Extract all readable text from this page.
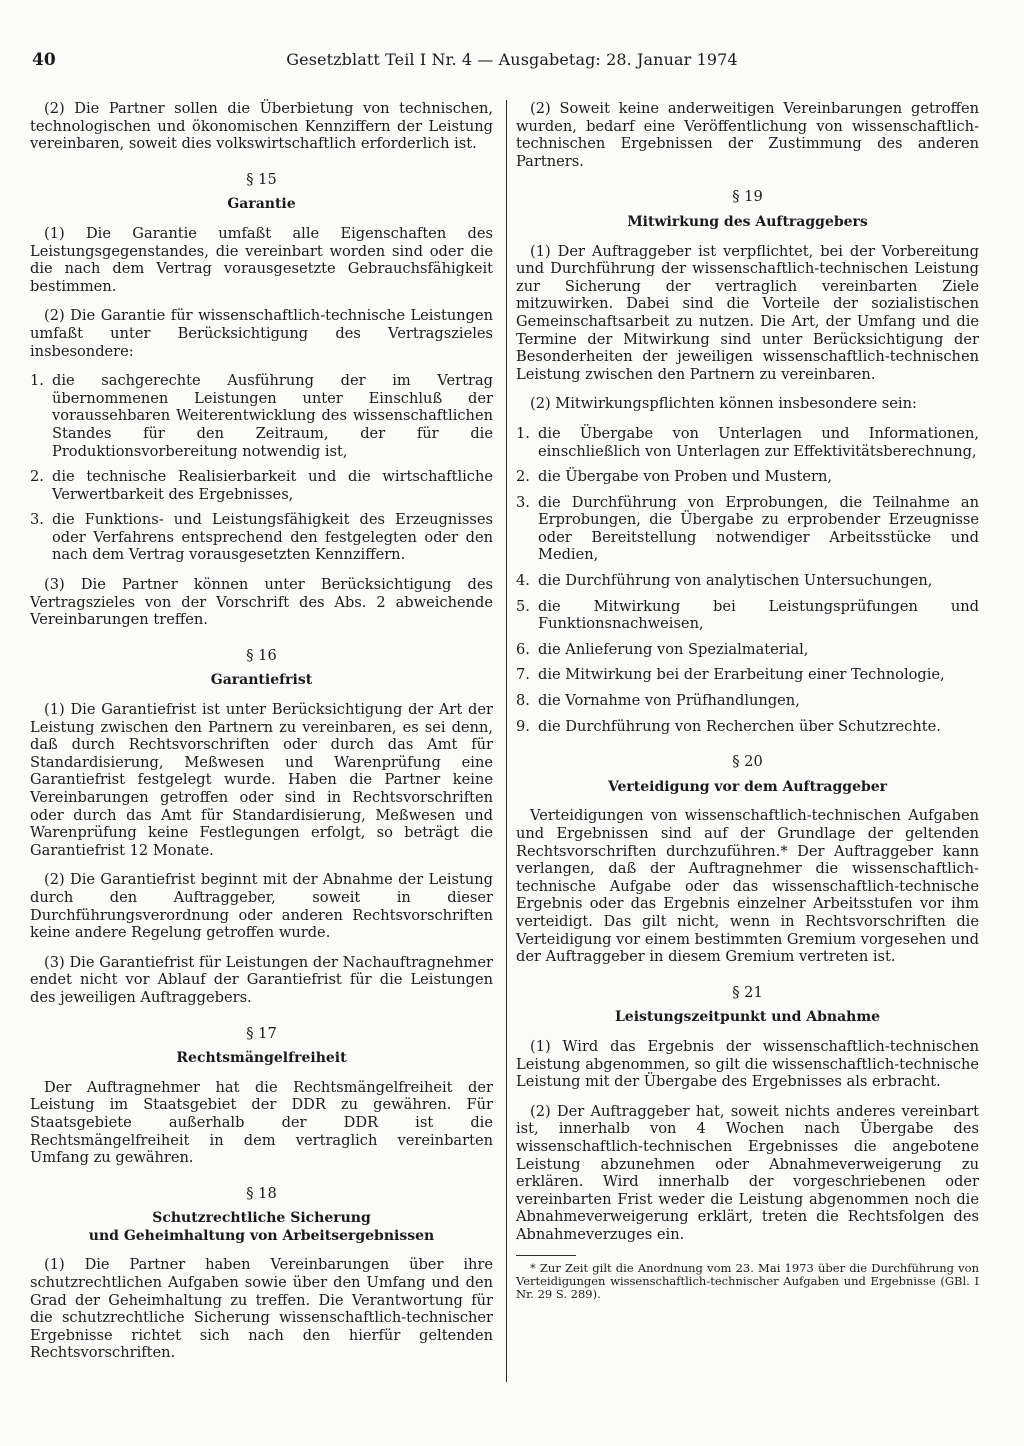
40	Gesetzblatt Teil I Nr. 4 — Ausgabetag: 28. Januar 1974

(2) Die Partner sollen die Überbietung von technischen, technologischen und ökonomischen Kennziffern der Leistung vereinbaren, soweit dies volkswirtschaftlich erforderlich ist.

§ 15
Garantie

(1) Die Garantie umfaßt alle Eigenschaften des Leistungsgegenstandes, die vereinbart worden sind oder die die nach dem Vertrag vorausgesetzte Gebrauchsfähigkeit bestimmen.

(2) Die Garantie für wissenschaftlich-technische Leistungen umfaßt unter Berücksichtigung des Vertragszieles insbesondere:

1. die sachgerechte Ausführung der im Vertrag übernommenen Leistungen unter Einschluß der voraussehbaren Weiterentwicklung des wissenschaftlichen Standes für den Zeitraum, der für die Produktionsvorbereitung notwendig ist,
2. die technische Realisierbarkeit und die wirtschaftliche Verwertbarkeit des Ergebnisses,
3. die Funktions- und Leistungsfähigkeit des Erzeugnisses oder Verfahrens entsprechend den festgelegten oder den nach dem Vertrag vorausgesetzten Kennziffern.

(3) Die Partner können unter Berücksichtigung des Vertragszieles von der Vorschrift des Abs. 2 abweichende Vereinbarungen treffen.

§ 16
Garantiefrist

(1) Die Garantiefrist ist unter Berücksichtigung der Art der Leistung zwischen den Partnern zu vereinbaren, es sei denn, daß durch Rechtsvorschriften oder durch das Amt für Standardisierung, Meßwesen und Warenprüfung eine Garantiefrist festgelegt wurde. Haben die Partner keine Vereinbarungen getroffen oder sind in Rechtsvorschriften oder durch das Amt für Standardisierung, Meßwesen und Warenprüfung keine Festlegungen erfolgt, so beträgt die Garantiefrist 12 Monate.

(2) Die Garantiefrist beginnt mit der Abnahme der Leistung durch den Auftraggeber, soweit in dieser Durchführungsverordnung oder anderen Rechtsvorschriften keine andere Regelung getroffen wurde.

(3) Die Garantiefrist für Leistungen der Nachauftragnehmer endet nicht vor Ablauf der Garantiefrist für die Leistungen des jeweiligen Auftraggebers.

§ 17
Rechtsmängelfreiheit

Der Auftragnehmer hat die Rechtsmängelfreiheit der Leistung im Staatsgebiet der DDR zu gewähren. Für Staatsgebiete außerhalb der DDR ist die Rechtsmängelfreiheit in dem vertraglich vereinbarten Umfang zu gewähren.

§ 18
Schutzrechtliche Sicherung
und Geheimhaltung von Arbeitsergebnissen

(1) Die Partner haben Vereinbarungen über ihre schutzrechtlichen Aufgaben sowie über den Umfang und den Grad der Geheimhaltung zu treffen. Die Verantwortung für die schutzrechtliche Sicherung wissenschaftlich-technischer Ergebnisse richtet sich nach den hierfür geltenden Rechtsvorschriften.

(2) Soweit keine anderweitigen Vereinbarungen getroffen wurden, bedarf eine Veröffentlichung von wissenschaftlich-technischen Ergebnissen der Zustimmung des anderen Partners.

§ 19
Mitwirkung des Auftraggebers

(1) Der Auftraggeber ist verpflichtet, bei der Vorbereitung und Durchführung der wissenschaftlich-technischen Leistung zur Sicherung der vertraglich vereinbarten Ziele mitzuwirken. Dabei sind die Vorteile der sozialistischen Gemeinschaftsarbeit zu nutzen. Die Art, der Umfang und die Termine der Mitwirkung sind unter Berücksichtigung der Besonderheiten der jeweiligen wissenschaftlich-technischen Leistung zwischen den Partnern zu vereinbaren.

(2) Mitwirkungspflichten können insbesondere sein:

1. die Übergabe von Unterlagen und Informationen, einschließlich von Unterlagen zur Effektivitätsberechnung,
2. die Übergabe von Proben und Mustern,
3. die Durchführung von Erprobungen, die Teilnahme an Erprobungen, die Übergabe zu erprobender Erzeugnisse oder Bereitstellung notwendiger Arbeitsstücke und Medien,
4. die Durchführung von analytischen Untersuchungen,
5. die Mitwirkung bei Leistungsprüfungen und Funktionsnachweisen,
6. die Anlieferung von Spezialmaterial,
7. die Mitwirkung bei der Erarbeitung einer Technologie,
8. die Vornahme von Prüfhandlungen,
9. die Durchführung von Recherchen über Schutzrechte.
§ 20
Verteidigung vor dem Auftraggeber

Verteidigungen von wissenschaftlich-technischen Aufgaben und Ergebnissen sind auf der Grundlage der geltenden Rechtsvorschriften durchzuführen.* Der Auftraggeber kann verlangen, daß der Auftragnehmer die wissenschaftlich-technische Aufgabe oder das wissenschaftlich-technische Ergebnis oder das Ergebnis einzelner Arbeitsstufen vor ihm verteidigt. Das gilt nicht, wenn in Rechtsvorschriften die Verteidigung vor einem bestimmten Gremium vorgesehen und der Auftraggeber in diesem Gremium vertreten ist.

§ 21
Leistungszeitpunkt und Abnahme

(1) Wird das Ergebnis der wissenschaftlich-technischen Leistung abgenommen, so gilt die wissenschaftlich-technische Leistung mit der Übergabe des Ergebnisses als erbracht.

(2) Der Auftraggeber hat, soweit nichts anderes vereinbart ist, innerhalb von 4 Wochen nach Übergabe des wissenschaftlich-technischen Ergebnisses die angebotene Leistung abzunehmen oder Abnahmeverweigerung zu erklären. Wird innerhalb der vorgeschriebenen oder vereinbarten Frist weder die Leistung abgenommen noch die Abnahmeverweigerung erklärt, treten die Rechtsfolgen des Abnahmeverzuges ein.

* Zur Zeit gilt die Anordnung vom 23. Mai 1973 über die Durchführung von Verteidigungen wissenschaftlich-technischer Aufgaben und Ergebnisse (GBl. I Nr. 29 S. 289).
